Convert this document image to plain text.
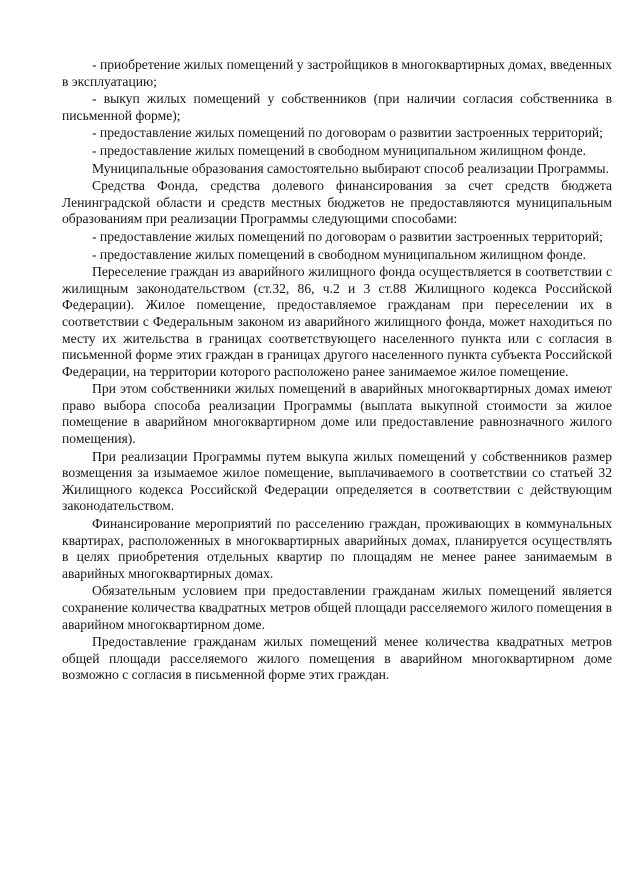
- приобретение жилых помещений у застройщиков в многоквартирных домах, введенных в эксплуатацию;

- выкуп жилых помещений у собственников (при наличии согласия собственника в письменной форме);

- предоставление жилых помещений по договорам о развитии застроенных территорий;

- предоставление жилых помещений в свободном муниципальном жилищном фонде.

Муниципальные образования самостоятельно выбирают способ реализации Программы.

Средства Фонда, средства долевого финансирования за счет средств бюджета Ленинградской области и средств местных бюджетов не предоставляются муниципальным образованиям при реализации Программы следующими способами:

- предоставление жилых помещений по договорам о развитии застроенных территорий;

- предоставление жилых помещений в свободном муниципальном жилищном фонде.

Переселение граждан из аварийного жилищного фонда осуществляется в соответствии с жилищным законодательством (ст.32, 86, ч.2 и 3 ст.88 Жилищного кодекса Российской Федерации). Жилое помещение, предоставляемое гражданам при переселении их в соответствии с Федеральным законом из аварийного жилищного фонда, может находиться по месту их жительства в границах соответствующего населенного пункта или с согласия в письменной форме этих граждан в границах другого населенного пункта субъекта Российской Федерации, на территории которого расположено ранее занимаемое жилое помещение.

При этом собственники жилых помещений в аварийных многоквартирных домах имеют право выбора способа реализации Программы (выплата выкупной стоимости за жилое помещение в аварийном многоквартирном доме или предоставление равнозначного жилого помещения).

При реализации Программы путем выкупа жилых помещений у собственников размер возмещения за изымаемое жилое помещение, выплачиваемого в соответствии со статьей 32 Жилищного кодекса Российской Федерации определяется в соответствии с действующим законодательством.

Финансирование мероприятий по расселению граждан, проживающих в коммунальных квартирах, расположенных в многоквартирных аварийных домах, планируется осуществлять в целях приобретения отдельных квартир по площадям не менее ранее занимаемым в аварийных многоквартирных домах.

Обязательным условием при предоставлении гражданам жилых помещений является сохранение количества квадратных метров общей площади расселяемого жилого помещения в аварийном многоквартирном доме.

Предоставление гражданам жилых помещений менее количества квадратных метров общей площади расселяемого жилого помещения в аварийном многоквартирном доме возможно с согласия в письменной форме этих граждан.
